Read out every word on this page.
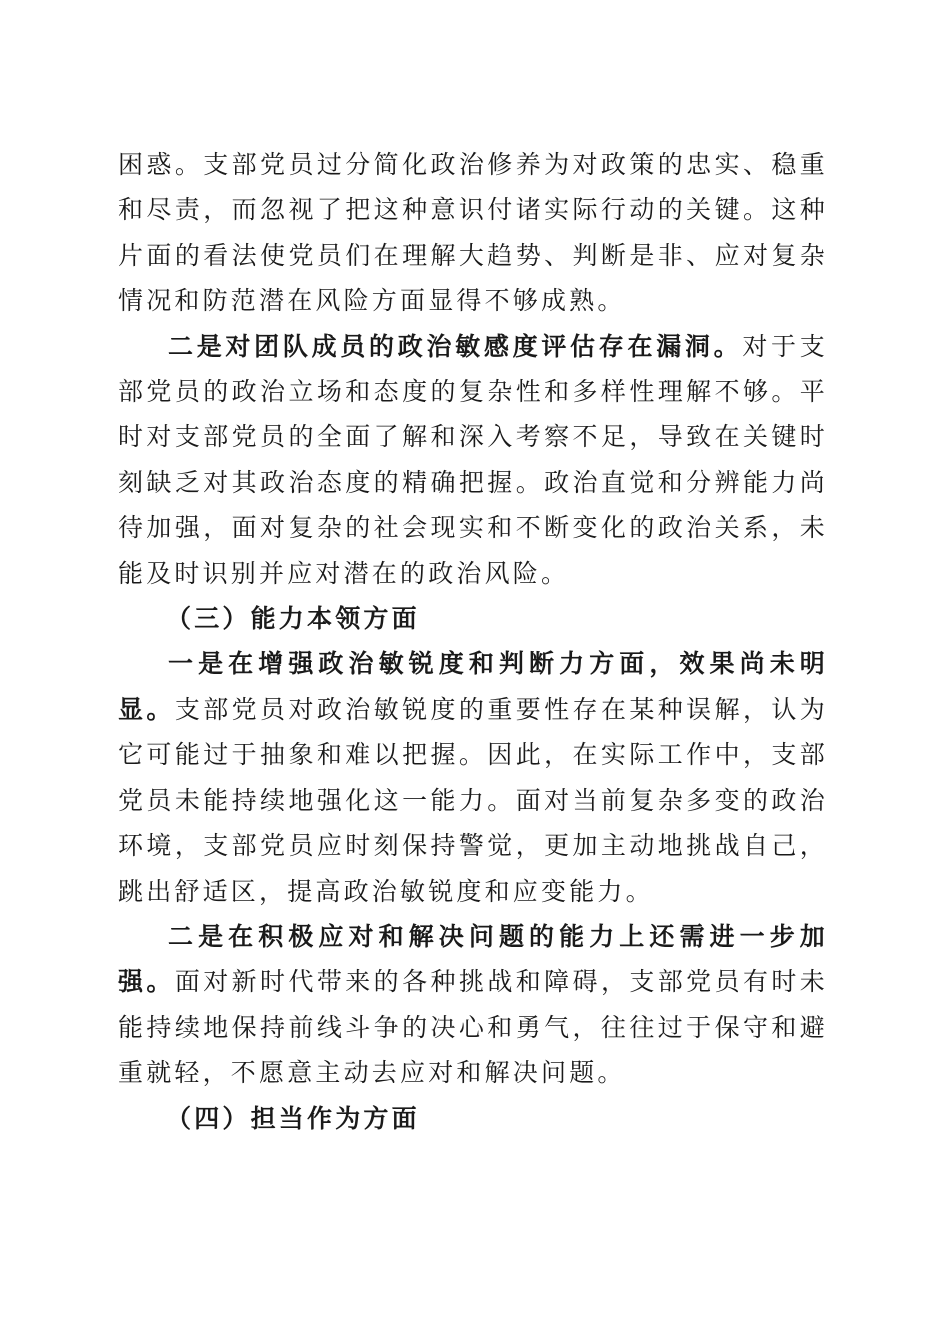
困惑。支部党员过分简化政治修养为对政策的忠实、稳重和尽责，而忽视了把这种意识付诸实际行动的关键。这种片面的看法使党员们在理解大趋势、判断是非、应对复杂情况和防范潜在风险方面显得不够成熟。

二是对团队成员的政治敏感度评估存在漏洞。对于支部党员的政治立场和态度的复杂性和多样性理解不够。平时对支部党员的全面了解和深入考察不足，导致在关键时刻缺乏对其政治态度的精确把握。政治直觉和分辨能力尚待加强，面对复杂的社会现实和不断变化的政治关系，未能及时识别并应对潜在的政治风险。

（三）能力本领方面

一是在增强政治敏锐度和判断力方面，效果尚未明显。支部党员对政治敏锐度的重要性存在某种误解，认为它可能过于抽象和难以把握。因此，在实际工作中，支部党员未能持续地强化这一能力。面对当前复杂多变的政治环境，支部党员应时刻保持警觉，更加主动地挑战自己，跳出舒适区，提高政治敏锐度和应变能力。

二是在积极应对和解决问题的能力上还需进一步加强。面对新时代带来的各种挑战和障碍，支部党员有时未能持续地保持前线斗争的决心和勇气，往往过于保守和避重就轻，不愿意主动去应对和解决问题。

（四）担当作为方面
